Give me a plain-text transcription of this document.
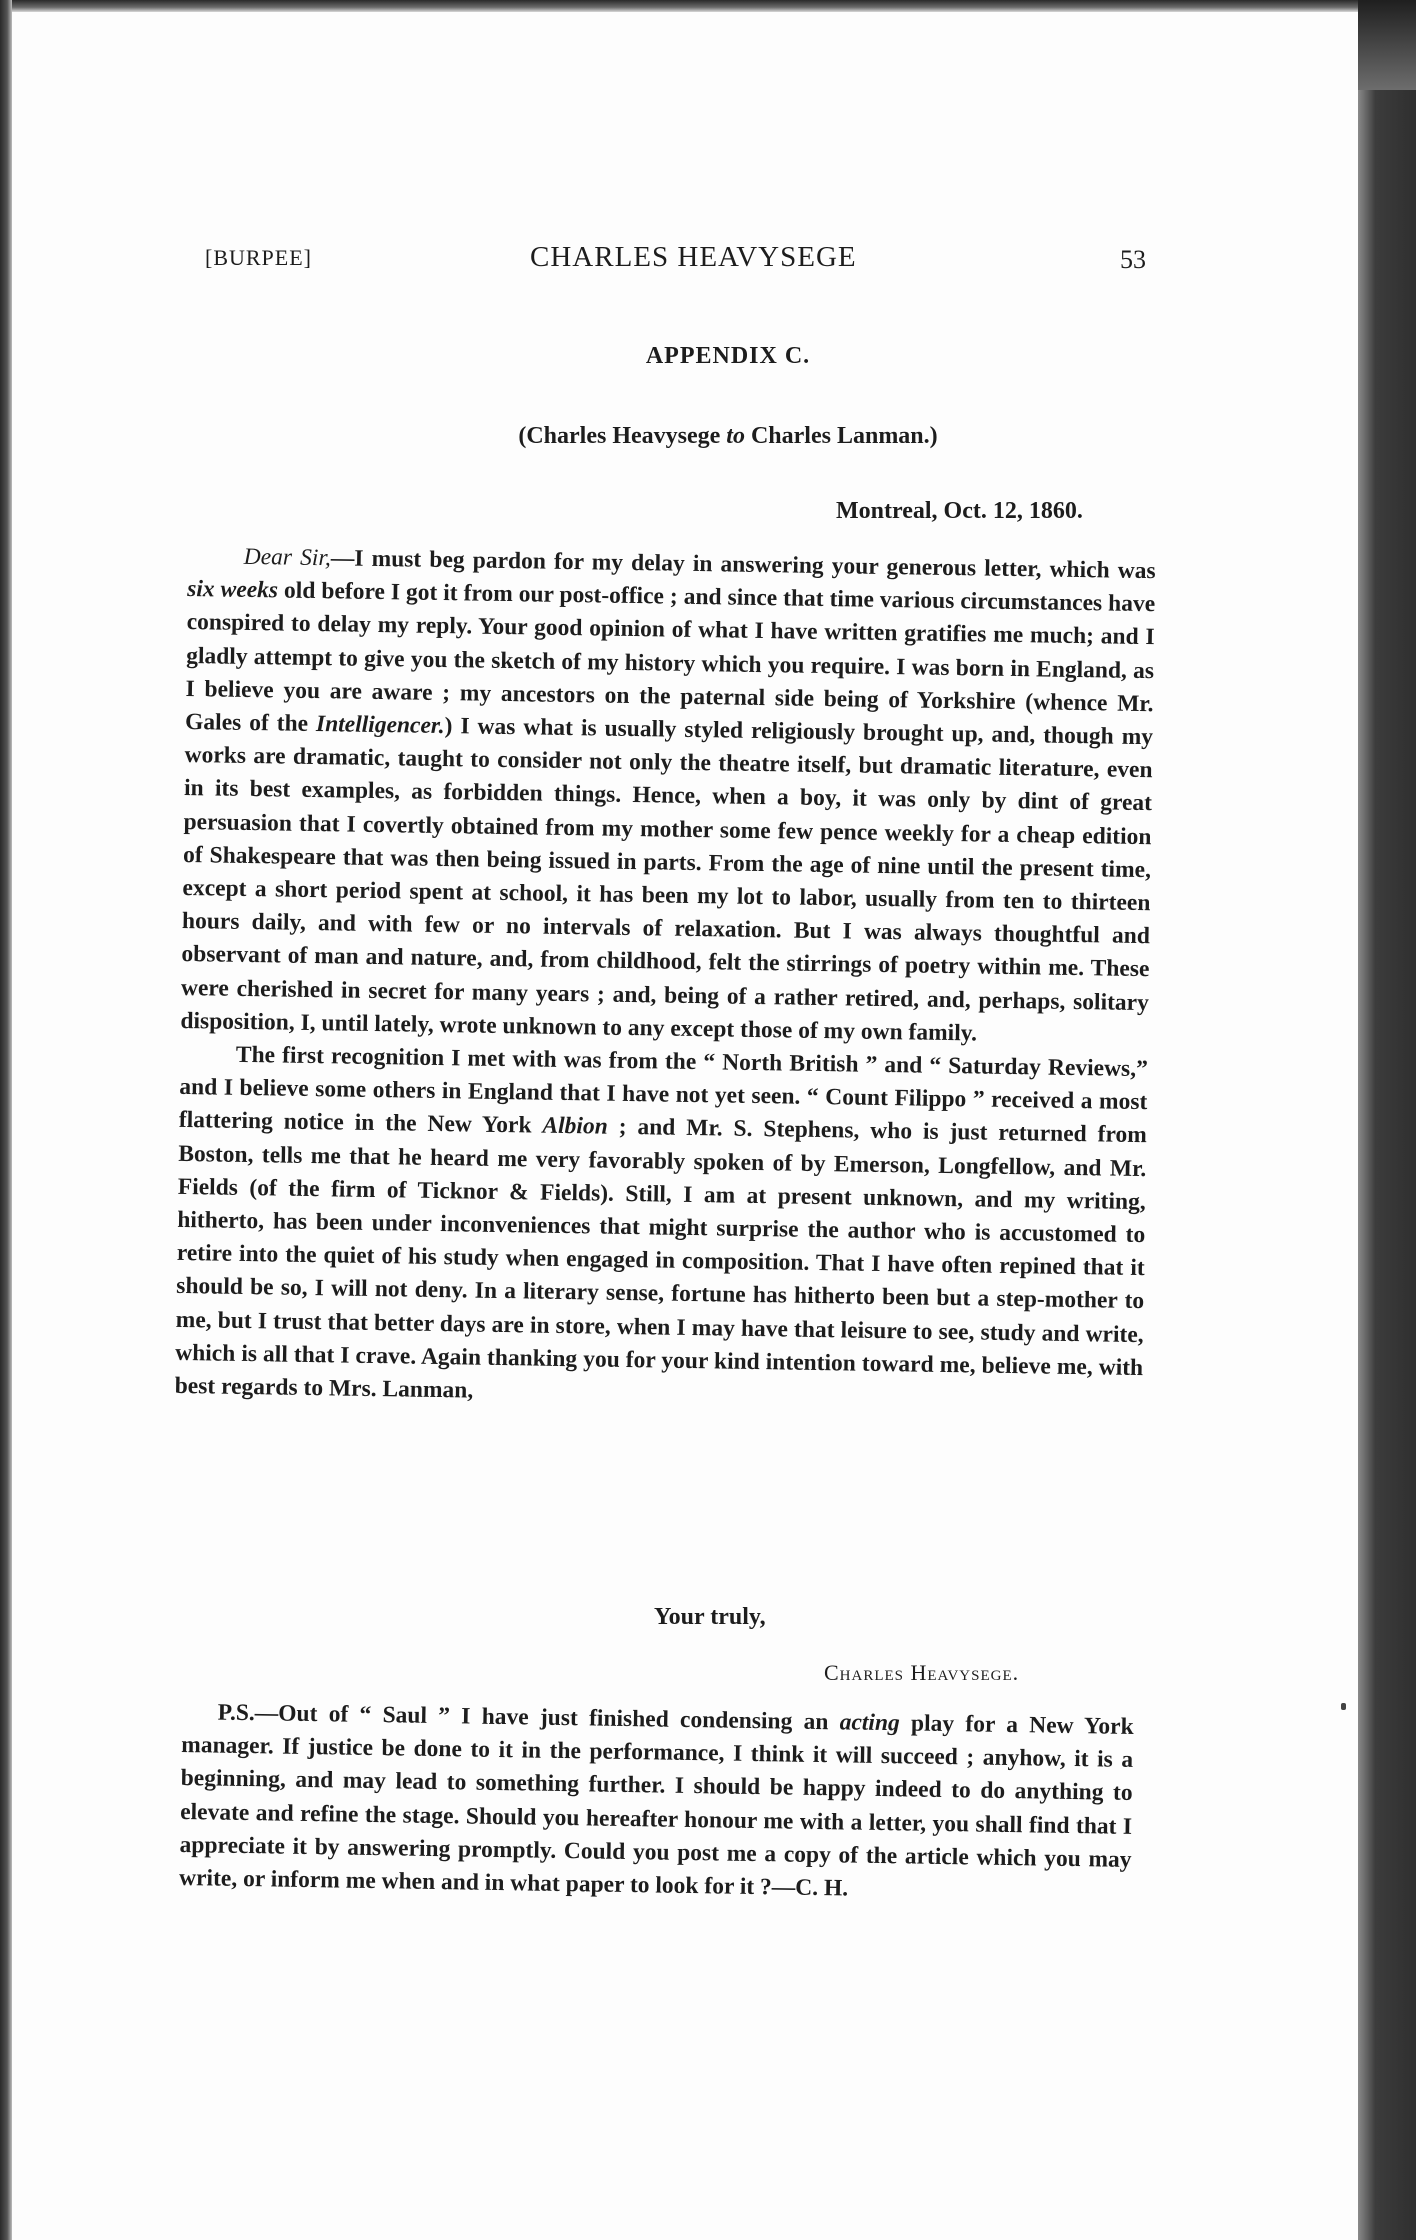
[BURPEE]	CHARLES HEAVYSEGE	53
APPENDIX C.
(Charles Heavysege to Charles Lanman.)
Montreal, Oct. 12, 1860.

Dear Sir,—I must beg pardon for my delay in answering your generous letter, which was six weeks old before I got it from our post-office ; and since that time various circumstances have conspired to delay my reply. Your good opinion of what I have written gratifies me much; and I gladly attempt to give you the sketch of my history which you require. I was born in England, as I believe you are aware ; my ancestors on the paternal side being of Yorkshire (whence Mr. Gales of the Intelligencer.) I was what is usually styled religiously brought up, and, though my works are dramatic, taught to consider not only the theatre itself, but dramatic literature, even in its best examples, as forbidden things. Hence, when a boy, it was only by dint of great persuasion that I covertly obtained from my mother some few pence weekly for a cheap edition of Shakespeare that was then being issued in parts. From the age of nine until the present time, except a short period spent at school, it has been my lot to labor, usually from ten to thirteen hours daily, and with few or no intervals of relaxation. But I was always thoughtful and observant of man and nature, and, from childhood, felt the stirrings of poetry within me. These were cherished in secret for many years ; and, being of a rather retired, and, perhaps, solitary disposition, I, until lately, wrote unknown to any except those of my own family.

The first recognition I met with was from the “ North British ” and “ Saturday Reviews,” and I believe some others in England that I have not yet seen. “ Count Filippo ” received a most flattering notice in the New York Albion ; and Mr. S. Stephens, who is just returned from Boston, tells me that he heard me very favorably spoken of by Emerson, Longfellow, and Mr. Fields (of the firm of Ticknor & Fields). Still, I am at present unknown, and my writing, hitherto, has been under inconveniences that might surprise the author who is accustomed to retire into the quiet of his study when engaged in composition. That I have often repined that it should be so, I will not deny. In a literary sense, fortune has hitherto been but a step-mother to me, but I trust that better days are in store, when I may have that leisure to see, study and write, which is all that I crave. Again thanking you for your kind intention toward me, believe me, with best regards to Mrs. Lanman,

Your truly,
Charles Heavysege.

P.S.—Out of “ Saul ” I have just finished condensing an acting play for a New York manager. If justice be done to it in the performance, I think it will succeed ; anyhow, it is a beginning, and may lead to something further. I should be happy indeed to do anything to elevate and refine the stage. Should you hereafter honour me with a letter, you shall find that I appreciate it by answering promptly. Could you post me a copy of the article which you may write, or inform me when and in what paper to look for it ?—C. H.
